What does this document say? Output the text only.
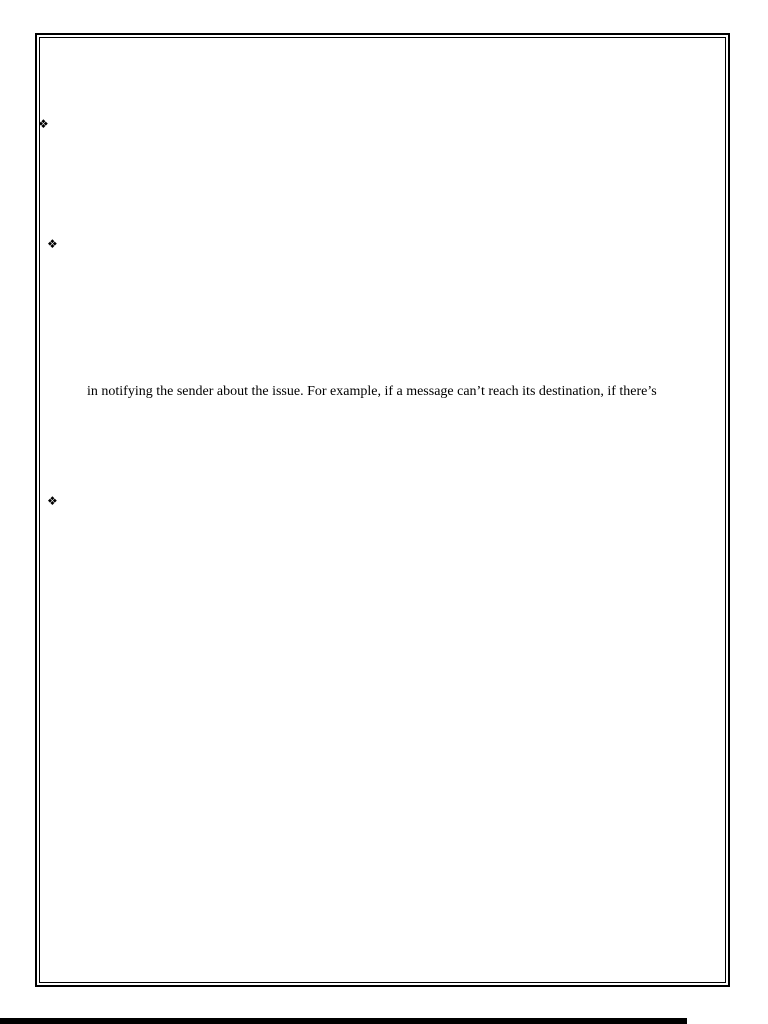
❖
❖
in notifying the sender about the issue. For example, if a message can’t reach its destination, if there’s
❖
